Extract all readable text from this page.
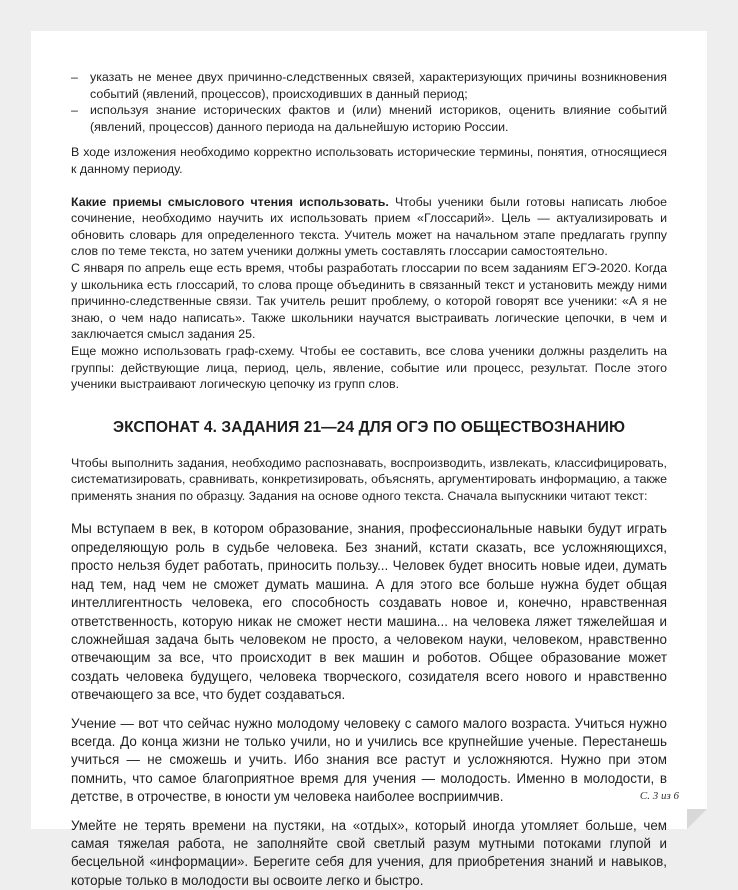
– указать не менее двух причинно-следственных связей, характеризующих причины возникновения событий (явлений, процессов), происходивших в данный период;
– используя знание исторических фактов и (или) мнений историков, оценить влияние событий (явлений, процессов) данного периода на дальнейшую историю России.

В ходе изложения необходимо корректно использовать исторические термины, понятия, относящиеся к данному периоду.

Какие приемы смыслового чтения использовать. Чтобы ученики были готовы написать любое сочинение, необходимо научить их использовать прием «Глоссарий». Цель — актуализировать и обновить словарь для определенного текста. Учитель может на начальном этапе предлагать группу слов по теме текста, но затем ученики должны уметь составлять глоссарии самостоятельно.

С января по апрель еще есть время, чтобы разработать глоссарии по всем заданиям ЕГЭ-2020. Когда у школьника есть глоссарий, то слова проще объединить в связанный текст и установить между ними причинно-следственные связи. Так учитель решит проблему, о которой говорят все ученики: «А я не знаю, о чем надо написать». Также школьники научатся выстраивать логические цепочки, в чем и заключается смысл задания 25.

Еще можно использовать граф-схему. Чтобы ее составить, все слова ученики должны разделить на группы: действующие лица, период, цель, явление, событие или процесс, результат. После этого ученики выстраивают логическую цепочку из групп слов.

ЭКСПОНАТ 4. ЗАДАНИЯ 21—24 ДЛЯ ОГЭ ПО ОБЩЕСТВОЗНАНИЮ

Чтобы выполнить задания, необходимо распознавать, воспроизводить, извлекать, классифицировать, систематизировать, сравнивать, конкретизировать, объяснять, аргументировать информацию, а также применять знания по образцу. Задания на основе одного текста. Сначала выпускники читают текст:

Мы вступаем в век, в котором образование, знания, профессиональные навыки будут играть определяющую роль в судьбе человека. Без знаний, кстати сказать, все усложняющихся, просто нельзя будет работать, приносить пользу... Человек будет вносить новые идеи, думать над тем, над чем не сможет думать машина. А для этого все больше нужна будет общая интеллигентность человека, его способность создавать новое и, конечно, нравственная ответственность, которую никак не сможет нести машина... на человека ляжет тяжелейшая и сложнейшая задача быть человеком не просто, а человеком науки, человеком, нравственно отвечающим за все, что происходит в век машин и роботов. Общее образование может создать человека будущего, человека творческого, созидателя всего нового и нравственно отвечающего за все, что будет создаваться.

Учение — вот что сейчас нужно молодому человеку с самого малого возраста. Учиться нужно всегда. До конца жизни не только учили, но и учились все крупнейшие ученые. Перестанешь учиться — не сможешь и учить. Ибо знания все растут и усложняются. Нужно при этом помнить, что самое благоприятное время для учения — молодость. Именно в молодости, в детстве, в отрочестве, в юности ум человека наиболее восприимчив.

Умейте не терять времени на пустяки, на «отдых», который иногда утомляет больше, чем самая тяжелая работа, не заполняйте свой светлый разум мутными потоками глупой и бесцельной «информации». Берегите себя для учения, для приобретения знаний и навыков, которые только в молодости вы освоите легко и быстро.

С. 3 из 6
